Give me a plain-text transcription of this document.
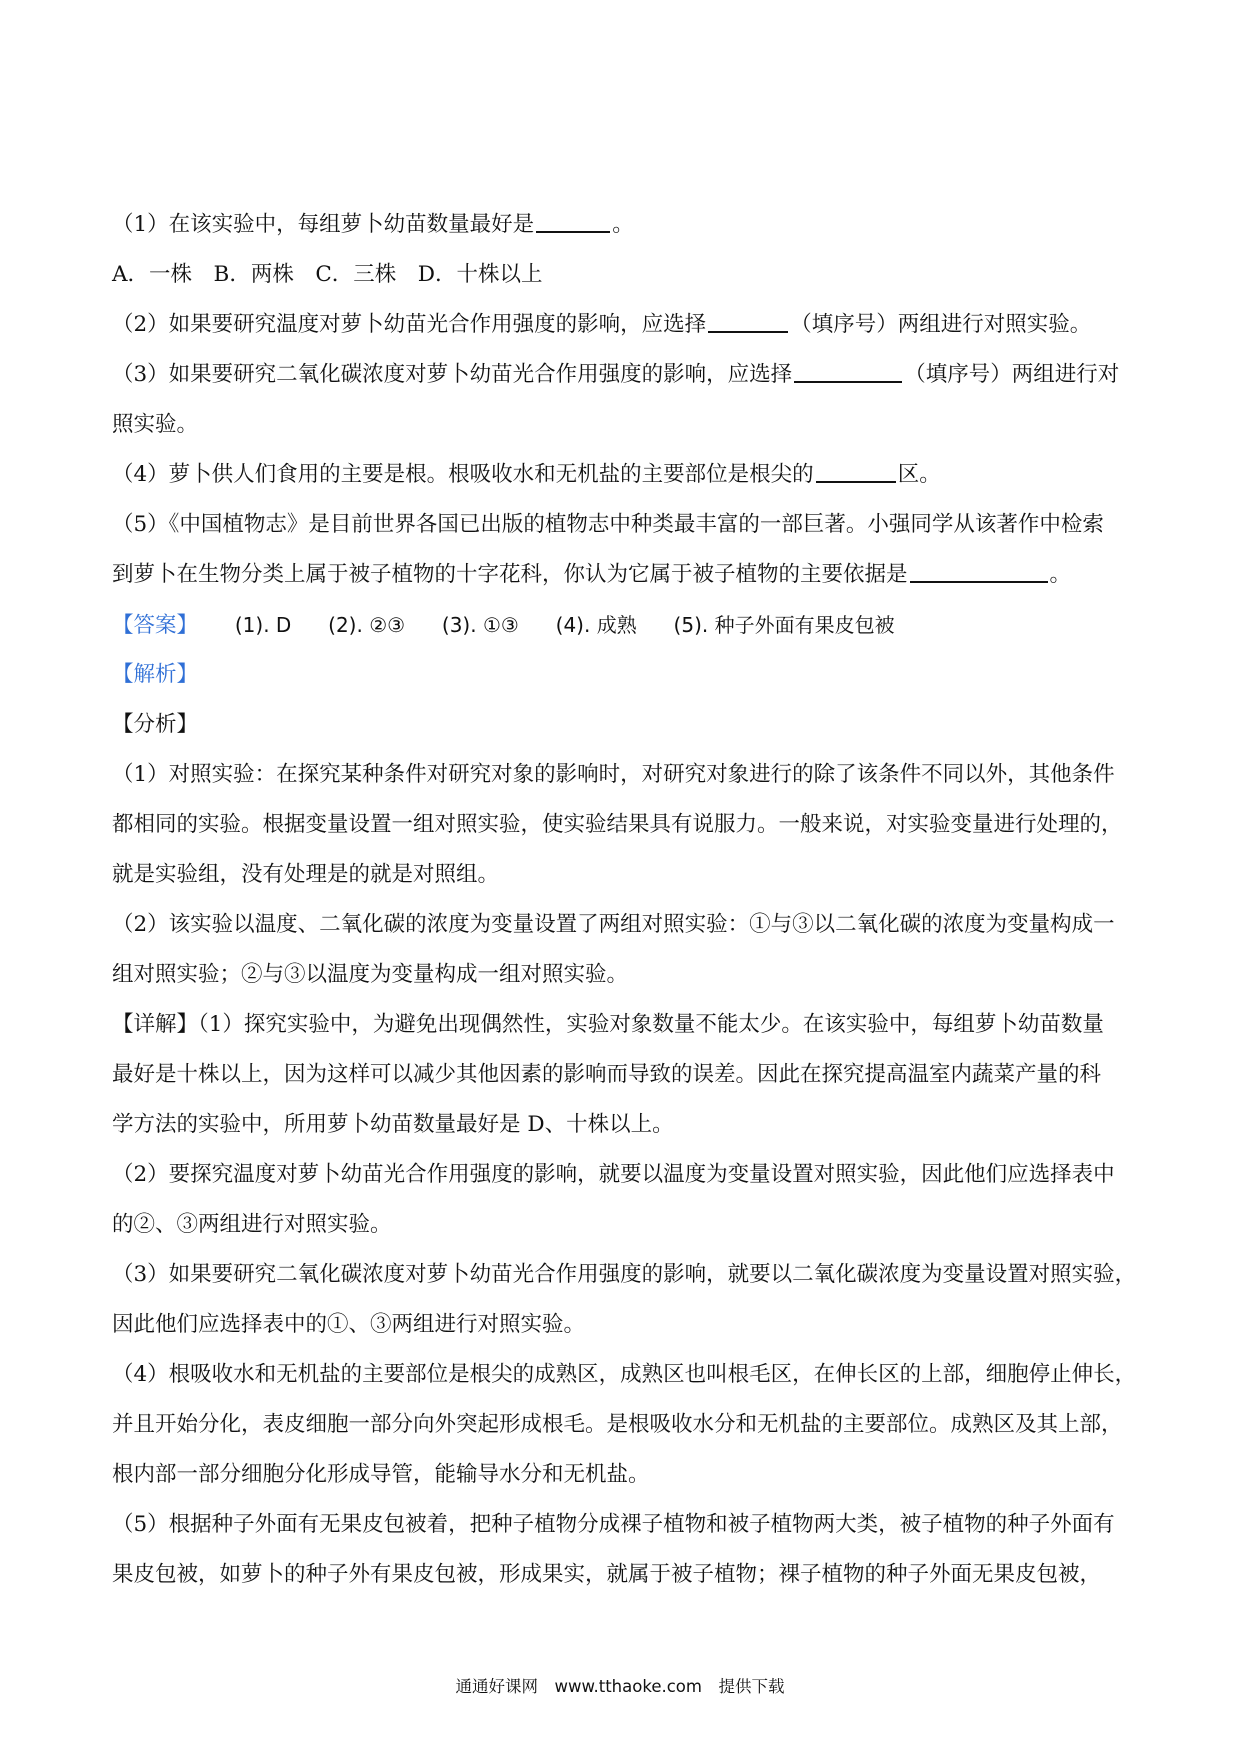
（1）在该实验中，每组萝卜幼苗数量最好是	。
A．一株　B．两株　C．三株　D．十株以上
（2）如果要研究温度对萝卜幼苗光合作用强度的影响，应选择	（填序号）两组进行对照实验。
（3）如果要研究二氧化碳浓度对萝卜幼苗光合作用强度的影响，应选择	（填序号）两组进行对
照实验。
（4）萝卜供人们食用的主要是根。根吸收水和无机盐的主要部位是根尖的	区。
（5）《中国植物志》是目前世界各国已出版的植物志中种类最丰富的一部巨著。小强同学从该著作中检索
到萝卜在生物分类上属于被子植物的十字花科，你认为它属于被子植物的主要依据是	。
【答案】 (1). D (2). ②③ (3). ①③ (4). 成熟 (5). 种子外面有果皮包被
【解析】
【分析】
（1）对照实验：在探究某种条件对研究对象的影响时，对研究对象进行的除了该条件不同以外，其他条件
都相同的实验。根据变量设置一组对照实验，使实验结果具有说服力。一般来说，对实验变量进行处理的，
就是实验组，没有处理是的就是对照组。
（2）该实验以温度、二氧化碳的浓度为变量设置了两组对照实验：①与③以二氧化碳的浓度为变量构成一
组对照实验；②与③以温度为变量构成一组对照实验。
【详解】（1）探究实验中，为避免出现偶然性，实验对象数量不能太少。在该实验中，每组萝卜幼苗数量
最好是十株以上，因为这样可以减少其他因素的影响而导致的误差。因此在探究提高温室内蔬菜产量的科
学方法的实验中，所用萝卜幼苗数量最好是 D、十株以上。
（2）要探究温度对萝卜幼苗光合作用强度的影响，就要以温度为变量设置对照实验，因此他们应选择表中
的②、③两组进行对照实验。
（3）如果要研究二氧化碳浓度对萝卜幼苗光合作用强度的影响，就要以二氧化碳浓度为变量设置对照实验，
因此他们应选择表中的①、③两组进行对照实验。
（4）根吸收水和无机盐的主要部位是根尖的成熟区，成熟区也叫根毛区，在伸长区的上部，细胞停止伸长，
并且开始分化，表皮细胞一部分向外突起形成根毛。是根吸收水分和无机盐的主要部位。成熟区及其上部，
根内部一部分细胞分化形成导管，能输导水分和无机盐。
（5）根据种子外面有无果皮包被着，把种子植物分成裸子植物和被子植物两大类，被子植物的种子外面有
果皮包被，如萝卜的种子外有果皮包被，形成果实，就属于被子植物；裸子植物的种子外面无果皮包被，
通通好课网　www.tthaoke.com　提供下载
